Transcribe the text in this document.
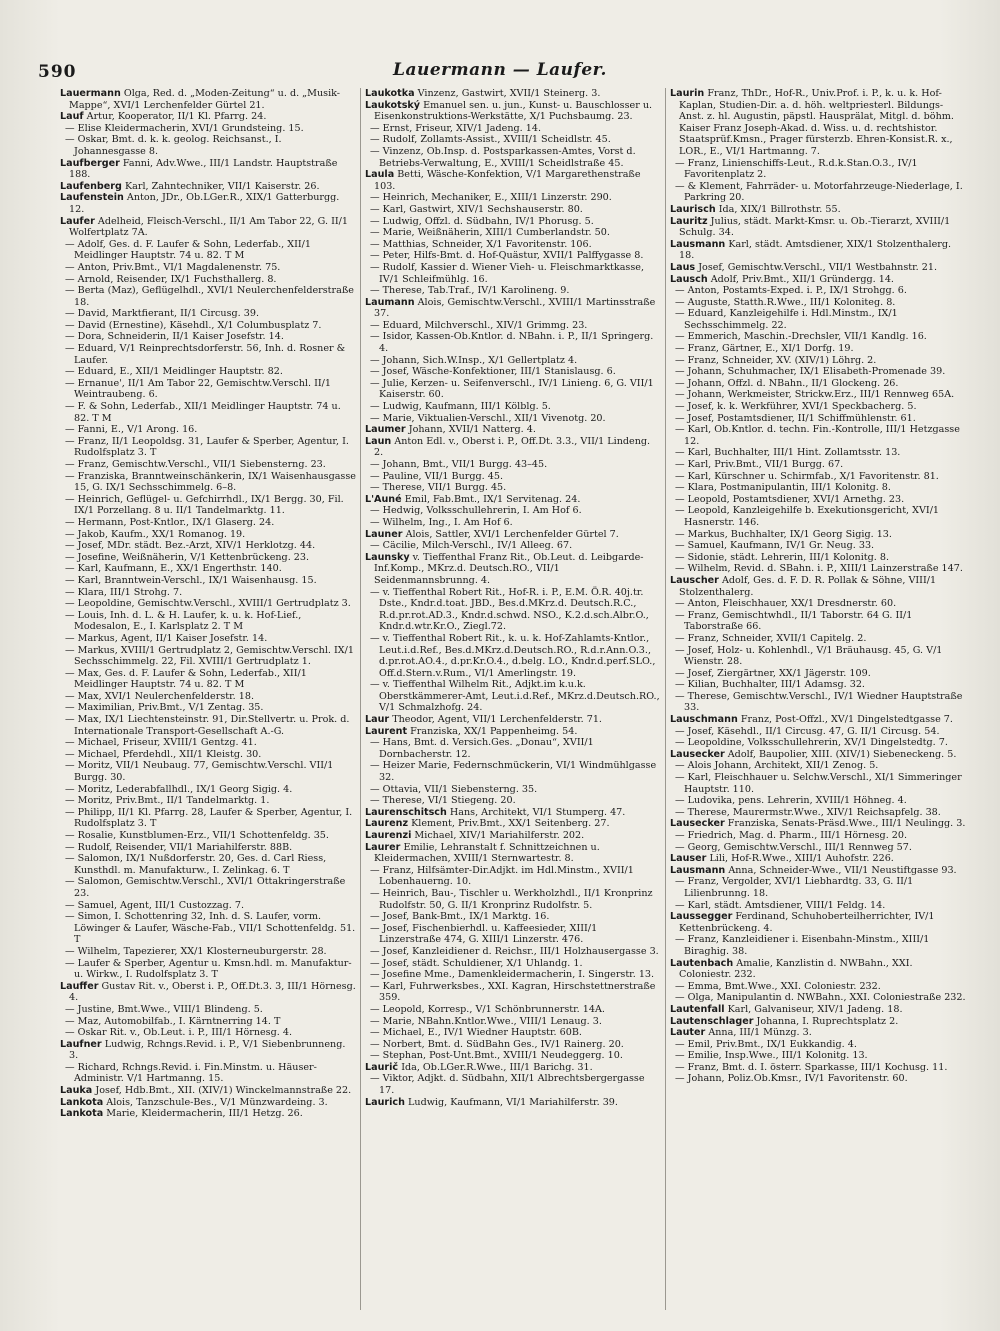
590	Lauermann — Laufer.

Lauermann Olga, Red. d. „Moden-Zeitung“ u. d. „Musik-Mappe“, XVI/1 Lerchenfelder Gürtel 21.

Lauf Artur, Kooperator, II/1 Kl. Pfarrg. 24.

— Elise Kleidermacherin, XVI/1 Grundsteing. 15.

— Oskar, Bmt. d. k. k. geolog. Reichsanst., I. Johannesgasse 8.

Laufberger Fanni, Adv.Wwe., III/1 Landstr. Hauptstraße 188.

Laufenberg Karl, Zahntechniker, VII/1 Kaiserstr. 26.

Laufenstein Anton, JDr., Ob.LGer.R., XIX/1 Gatterburgg. 12.

Laufer Adelheid, Fleisch-Verschl., II/1 Am Tabor 22, G. II/1 Wolfertplatz 7A.

— Adolf, Ges. d. F. Laufer & Sohn, Lederfab., XII/1 Meidlinger Hauptstr. 74 u. 82. T M

— Anton, Priv.Bmt., VI/1 Magdalenenstr. 75.

— Arnold, Reisender, IX/1 Fuchsthallerg. 8.

— Berta (Maz), Geflügelhdl., XVI/1 Neulerchenfelderstraße 18.

— David, Marktfierant, II/1 Circusg. 39.

— David (Ernestine), Käsehdl., X/1 Columbusplatz 7.

— Dora, Schneiderin, II/1 Kaiser Josefstr. 14.

— Eduard, V/1 Reinprechtsdorferstr. 56, Inh. d. Rosner & Laufer.

— Eduard, E., XII/1 Meidlinger Hauptstr. 82.

— Ernanue', II/1 Am Tabor 22, Gemischtw.Verschl. II/1 Weintraubeng. 6.

— F. & Sohn, Lederfab., XII/1 Meidlinger Hauptstr. 74 u. 82. T M

— Fanni, E., V/1 Arong. 16.

— Franz, II/1 Leopoldsg. 31, Laufer & Sperber, Agentur, I. Rudolfsplatz 3. T

— Franz, Gemischtw.Verschl., VII/1 Siebensterng. 23.

— Franziska, Branntweinschänkerin, IX/1 Waisenhausgasse 15, G. IX/1 Sechsschimmelg. 6–8.

— Heinrich, Geflügel- u. Gefchirrhdl., IX/1 Bergg. 30, Fil. IX/1 Porzellang. 8 u. II/1 Tandelmarktg. 11.

— Hermann, Post-Kntlor., IX/1 Glaserg. 24.

— Jakob, Kaufm., XX/1 Romanog. 19.

— Josef, MDr. städt. Bez.-Arzt, XIV/1 Herklotzg. 44.

— Josefine, Weißnäherin, V/1 Kettenbrückeng. 23.

— Karl, Kaufmann, E., XX/1 Engerthstr. 140.

— Karl, Branntwein-Verschl., IX/1 Waisenhausg. 15.

— Klara, III/1 Strohg. 7.

— Leopoldine, Gemischtw.Verschl., XVIII/1 Gertrudplatz 3.

— Louis, Inh. d. L. & H. Laufer, k. u. k. Hof-Lief., Modesalon, E., I. Karlsplatz 2. T M

— Markus, Agent, II/1 Kaiser Josefstr. 14.

— Markus, XVIII/1 Gertrudplatz 2, Gemischtw.Verschl. IX/1 Sechsschimmelg. 22, Fil. XVIII/1 Gertrudplatz 1.

— Max, Ges. d. F. Laufer & Sohn, Lederfab., XII/1 Meidlinger Hauptstr. 74 u. 82. T M

— Max, XVI/1 Neulerchenfelderstr. 18.

— Maximilian, Priv.Bmt., V/1 Zentag. 35.

— Max, IX/1 Liechtensteinstr. 91, Dir.Stellvertr. u. Prok. d. Internationale Transport-Gesellschaft A.-G.

— Michael, Friseur, XVIII/1 Gentzg. 41.

— Michael, Pferdehdl., XII/1 Kleistg. 30.

— Moritz, VII/1 Neubaug. 77, Gemischtw.Verschl. VII/1 Burgg. 30.

— Moritz, Lederabfallhdl., IX/1 Georg Sigig. 4.

— Moritz, Priv.Bmt., II/1 Tandelmarktg. 1.

— Philipp, II/1 Kl. Pfarrg. 28, Laufer & Sperber, Agentur, I. Rudolfsplatz 3. T

— Rosalie, Kunstblumen-Erz., VII/1 Schottenfeldg. 35.

— Rudolf, Reisender, VII/1 Mariahilferstr. 88B.

— Salomon, IX/1 Nußdorferstr. 20, Ges. d. Carl Riess, Kunsthdl. m. Manufakturw., I. Zelinkag. 6. T

— Salomon, Gemischtw.Verschl., XVI/1 Ottakringerstraße 23.

— Samuel, Agent, III/1 Custozzag. 7.

— Simon, I. Schottenring 32, Inh. d. S. Laufer, vorm. Löwinger & Laufer, Wäsche-Fab., VII/1 Schottenfeldg. 51. T

— Wilhelm, Tapezierer, XX/1 Klosterneuburgerstr. 28.

— Laufer & Sperber, Agentur u. Kmsn.hdl. m. Manufaktur- u. Wirkw., I. Rudolfsplatz 3. T

Lauffer Gustav Rit. v., Oberst i. P., Off.Dt.3. 3, III/1 Hörnesg. 4.

— Justine, Bmt.Wwe., VIII/1 Blindeng. 5.

— Maz, Automobilfab., I. Kärntnerring 14. T

— Oskar Rit. v., Ob.Leut. i. P., III/1 Hörnesg. 4.

Laufner Ludwig, Rchngs.Revid. i. P., V/1 Siebenbrunneng. 3.

— Richard, Rchngs.Revid. i. Fin.Minstm. u. Häuser-Administr. V/1 Hartmanng. 15.

Lauka Josef, Hdb.Bmt., XII. (XIV/1) Winckelmannstraße 22.

Lankota Alois, Tanzschule-Bes., V/1 Münzwardeing. 3.

Lankota Marie, Kleidermacherin, III/1 Hetzg. 26.

Laukotka Vinzenz, Gastwirt, XVII/1 Steinerg. 3.

Laukotský Emanuel sen. u. jun., Kunst- u. Bauschlosser u. Eisenkonstruktions-Werkstätte, X/1 Puchsbaumg. 23.

— Ernst, Friseur, XIV/1 Jadeng. 14.

— Rudolf, Zollamts-Assist., XVIII/1 Scheidlstr. 45.

— Vinzenz, Ob.Insp. d. Postsparkassen-Amtes, Vorst d. Betriebs-Verwaltung, E., XVIII/1 Scheidlstraße 45.

Laula Betti, Wäsche-Konfektion, V/1 Margarethenstraße 103.

— Heinrich, Mechaniker, E., XIII/1 Linzerstr. 290.

— Karl, Gastwirt, XIV/1 Sechshauserstr. 80.

— Ludwig, Offzl. d. Südbahn, IV/1 Phorusg. 5.

— Marie, Weißnäherin, XIII/1 Cumberlandstr. 50.

— Matthias, Schneider, X/1 Favoritenstr. 106.

— Peter, Hilfs-Bmt. d. Hof-Quästur, XVII/1 Palffygasse 8.

— Rudolf, Kassier d. Wiener Vieh- u. Fleischmarktkasse, IV/1 Schleifmühlg. 16.

— Therese, Tab.Traf., IV/1 Karolineng. 9.

Laumann Alois, Gemischtw.Verschl., XVIII/1 Martinsstraße 37.

— Eduard, Milchverschl., XIV/1 Grimmg. 23.

— Isidor, Kassen-Ob.Kntlor. d. NBahn. i. P., II/1 Springerg. 4.

— Johann, Sich.W.Insp., X/1 Gellertplatz 4.

— Josef, Wäsche-Konfektioner, III/1 Stanislausg. 6.

— Julie, Kerzen- u. Seifenverschl., IV/1 Linieng. 6, G. VII/1 Kaiserstr. 60.

— Ludwig, Kaufmann, III/1 Kölblg. 5.

— Marie, Viktualien-Verschl., XII/1 Vivenotg. 20.

Laumer Johann, XVII/1 Natterg. 4.

Laun Anton Edl. v., Oberst i. P., Off.Dt. 3.3., VII/1 Lindeng. 2.

— Johann, Bmt., VII/1 Burgg. 43–45.

— Pauline, VII/1 Burgg. 45.

— Therese, VII/1 Burgg. 45.

L'Auné Emil, Fab.Bmt., IX/1 Servitenag. 24.

— Hedwig, Volksschullehrerin, I. Am Hof 6.

— Wilhelm, Ing., I. Am Hof 6.

Launer Alois, Sattler, XVI/1 Lerchenfelder Gürtel 7.

— Cäcilie, Milch-Verschl., IV/1 Alleeg. 67.

Launsky v. Tieffenthal Franz Rit., Ob.Leut. d. Leibgarde-Inf.Komp., MKrz.d. Deutsch.RO., VII/1 Seidenmannsbrunng. 4.

— v. Tieffenthal Robert Rit., Hof-R. i. P., E.M. Ö.R. 40j.tr. Dste., Kndr.d.toat. JBD., Bes.d.MKrz.d. Deutsch.R.C., R.d.pr.rot.AD.3., Kndr.d.schwd. NSO., K.2.d.sch.Albr.O., Kndr.d.wtr.Kr.O., Ziegl.72.

— v. Tieffenthal Robert Rit., k. u. k. Hof-Zahlamts-Kntlor., Leut.i.d.Ref., Bes.d.MKrz.d.Deutsch.RO., R.d.r.Ann.O.3., d.pr.rot.AO.4., d.pr.Kr.O.4., d.belg. LO., Kndr.d.perf.SLO., Off.d.Stern.v.Rum., VI/1 Amerlingstr. 19.

— v. Tieffenthal Wilhelm Rit., Adjkt.im k.u.k. Oberstkämmerer-Amt, Leut.i.d.Ref., MKrz.d.Deutsch.RO., V/1 Schmalzhofg. 24.

Laur Theodor, Agent, VII/1 Lerchenfelderstr. 71.

Laurent Franziska, XX/1 Pappenheimg. 54.

— Hans, Bmt. d. Versich.Ges. „Donau“, XVII/1 Dornbacherstr. 12.

— Heizer Marie, Federnschmückerin, VI/1 Windmühlgasse 32.

— Ottavia, VII/1 Siebensterng. 35.

— Therese, VI/1 Stiegeng. 20.

Laurenschitsch Hans, Architekt, VI/1 Stumperg. 47.

Laurenz Klement, Priv.Bmt., XX/1 Seitenberg. 27.

Laurenzi Michael, XIV/1 Mariahilferstr. 202.

Laurer Emilie, Lehranstalt f. Schnittzeichnen u. Kleidermachen, XVIII/1 Sternwartestr. 8.

— Franz, Hilfsämter-Dir.Adjkt. im Hdl.Minstm., XVII/1 Lobenhauerng. 10.

— Heinrich, Bau-, Tischler u. Werkholzhdl., II/1 Kronprinz Rudolfstr. 50, G. II/1 Kronprinz Rudolfstr. 5.

— Josef, Bank-Bmt., IX/1 Marktg. 16.

— Josef, Fischenbierhdl. u. Kaffeesieder, XIII/1 Linzerstraße 474, G. XIII/1 Linzerstr. 476.

— Josef, Kanzleidiener d. Reichsr., III/1 Holzhausergasse 3.

— Josef, städt. Schuldiener, X/1 Uhlandg. 1.

— Josefine Mme., Damenkleidermacherin, I. Singerstr. 13.

— Karl, Fuhrwerksbes., XXI. Kagran, Hirschstettnerstraße 359.

— Leopold, Korresp., V/1 Schönbrunnerstr. 14A.

— Marie, NBahn.Kntlor.Wwe., VIII/1 Lenaug. 3.

— Michael, E., IV/1 Wiedner Hauptstr. 60B.

— Norbert, Bmt. d. SüdBahn Ges., IV/1 Rainerg. 20.

— Stephan, Post-Unt.Bmt., XVIII/1 Neudeggerg. 10.

Laurič Ida, Ob.LGer.R.Wwe., III/1 Barichg. 31.

— Viktor, Adjkt. d. Südbahn, XII/1 Albrechtsbergergasse 17.

Laurich Ludwig, Kaufmann, VI/1 Mariahilferstr. 39.

Laurin Franz, ThDr., Hof-R., Univ.Prof. i. P., k. u. k. Hof-Kaplan, Studien-Dir. a. d. höh. weltpriesterl. Bildungs-Anst. z. hl. Augustin, päpstl. Hausprälat, Mitgl. d. böhm. Kaiser Franz Joseph-Akad. d. Wiss. u. d. rechtshistor. Staatsprüf.Kmsn., Prager fürsterzb. Ehren-Konsist.R. x., LOR., E., VI/1 Hartmanng. 7.

— Franz, Linienschiffs-Leut., R.d.k.Stan.O.3., IV/1 Favoritenplatz 2.

— & Klement, Fahrräder- u. Motorfahrzeuge-Niederlage, I. Parkring 20.

Laurisch Ida, XIX/1 Billrothstr. 55.

Lauritz Julius, städt. Markt-Kmsr. u. Ob.-Tierarzt, XVIII/1 Schulg. 34.

Lausmann Karl, städt. Amtsdiener, XIX/1 Stolzenthalerg. 18.

Laus Josef, Gemischtw.Verschl., VII/1 Westbahnstr. 21.

Lausch Adolf, Priv.Bmt., XII/1 Gründergg. 14.

— Anton, Postamts-Exped. i. P., IX/1 Strohgg. 6.

— Auguste, Statth.R.Wwe., III/1 Koloniteg. 8.

— Eduard, Kanzleigehilfe i. Hdl.Minstm., IX/1 Sechsschimmelg. 22.

— Emmerich, Maschin.-Drechsler, VII/1 Kandlg. 16.

— Franz, Gärtner, E., XI/1 Dorfg. 19.

— Franz, Schneider, XV. (XIV/1) Löhrg. 2.

— Johann, Schuhmacher, IX/1 Elisabeth-Promenade 39.

— Johann, Offzl. d. NBahn., II/1 Glockeng. 26.

— Johann, Werkmeister, Strickw.Erz., III/1 Rennweg 65A.

— Josef, k. k. Werkführer, XVI/1 Speckbacherg. 5.

— Josef, Postamtsdiener, II/1 Schiffmühlenstr. 61.

— Karl, Ob.Kntlor. d. techn. Fin.-Kontrolle, III/1 Hetzgasse 12.

— Karl, Buchhalter, III/1 Hint. Zollamtsstr. 13.

— Karl, Priv.Bmt., VII/1 Burgg. 67.

— Karl, Kürschner u. Schirmfab., X/1 Favoritenstr. 81.

— Klara, Postmanipulantin, III/1 Kolonitg. 8.

— Leopold, Postamtsdiener, XVI/1 Arnethg. 23.

— Leopold, Kanzleigehilfe b. Exekutionsgericht, XVI/1 Hasnerstr. 146.

— Markus, Buchhalter, IX/1 Georg Sigig. 13.

— Samuel, Kaufmann, IV/1 Gr. Neug. 33.

— Sidonie, städt. Lehrerin, III/1 Kolonitg. 8.

— Wilhelm, Revid. d. SBahn. i. P., XIII/1 Lainzerstraße 147.

Lauscher Adolf, Ges. d. F. D. R. Pollak & Söhne, VIII/1 Stolzenthalerg.

— Anton, Fleischhauer, XX/1 Dresdnerstr. 60.

— Franz, Gemischtwhdl., II/1 Taborstr. 64 G. II/1 Taborstraße 66.

— Franz, Schneider, XVII/1 Capitelg. 2.

— Josef, Holz- u. Kohlenhdl., V/1 Bräuhausg. 45, G. V/1 Wienstr. 28.

— Josef, Ziergärtner, XX/1 Jägerstr. 109.

— Kilian, Buchhalter, III/1 Adamsg. 32.

— Therese, Gemischtw.Verschl., IV/1 Wiedner Hauptstraße 33.

Lauschmann Franz, Post-Offzl., XV/1 Dingelstedtgasse 7.

— Josef, Käsehdl., II/1 Circusg. 47, G. II/1 Circusg. 54.

— Leopoldine, Volksschullehrerin, XV/1 Dingelstedtg. 7.

Lausecker Adolf, Baupolier, XIII. (XIV/1) Siebeneckeng. 5.

— Alois Johann, Architekt, XII/1 Zenog. 5.

— Karl, Fleischhauer u. Selchw.Verschl., XI/1 Simmeringer Hauptstr. 110.

— Ludovika, pens. Lehrerin, XVIII/1 Höhneg. 4.

— Therese, Maurermstr.Wwe., XIV/1 Reichsapfelg. 38.

Lausecker Franziska, Senats-Präsd.Wwe., III/1 Neulingg. 3.

— Friedrich, Mag. d. Pharm., III/1 Hörnesg. 20.

— Georg, Gemischtw.Verschl., III/1 Rennweg 57.

Lauser Lili, Hof-R.Wwe., XIII/1 Auhofstr. 226.

Lausmann Anna, Schneider-Wwe., VII/1 Neustiftgasse 93.

— Franz, Vergolder, XVI/1 Liebhardtg. 33, G. II/1 Lilienbrunng. 18.

— Karl, städt. Amtsdiener, VIII/1 Feldg. 14.

Laussegger Ferdinand, Schuhoberteilherrichter, IV/1 Kettenbrückeng. 4.

— Franz, Kanzleidiener i. Eisenbahn-Minstm., XIII/1 Biraghig. 38.

Lautenbach Amalie, Kanzlistin d. NWBahn., XXI. Coloniestr. 232.

— Emma, Bmt.Wwe., XXI. Coloniestr. 232.

— Olga, Manipulantin d. NWBahn., XXI. Coloniestraße 232.

Lautenfall Karl, Galvaniseur, XIV/1 Jadeng. 18.

Lautenschlager Johanna, I. Ruprechtsplatz 2.

Lauter Anna, III/1 Münzg. 3.

— Emil, Priv.Bmt., IX/1 Eukkandig. 4.

— Emilie, Insp.Wwe., III/1 Kolonitg. 13.

— Franz, Bmt. d. I. österr. Sparkasse, III/1 Kochusg. 11.

— Johann, Poliz.Ob.Kmsr., IV/1 Favoritenstr. 60.
